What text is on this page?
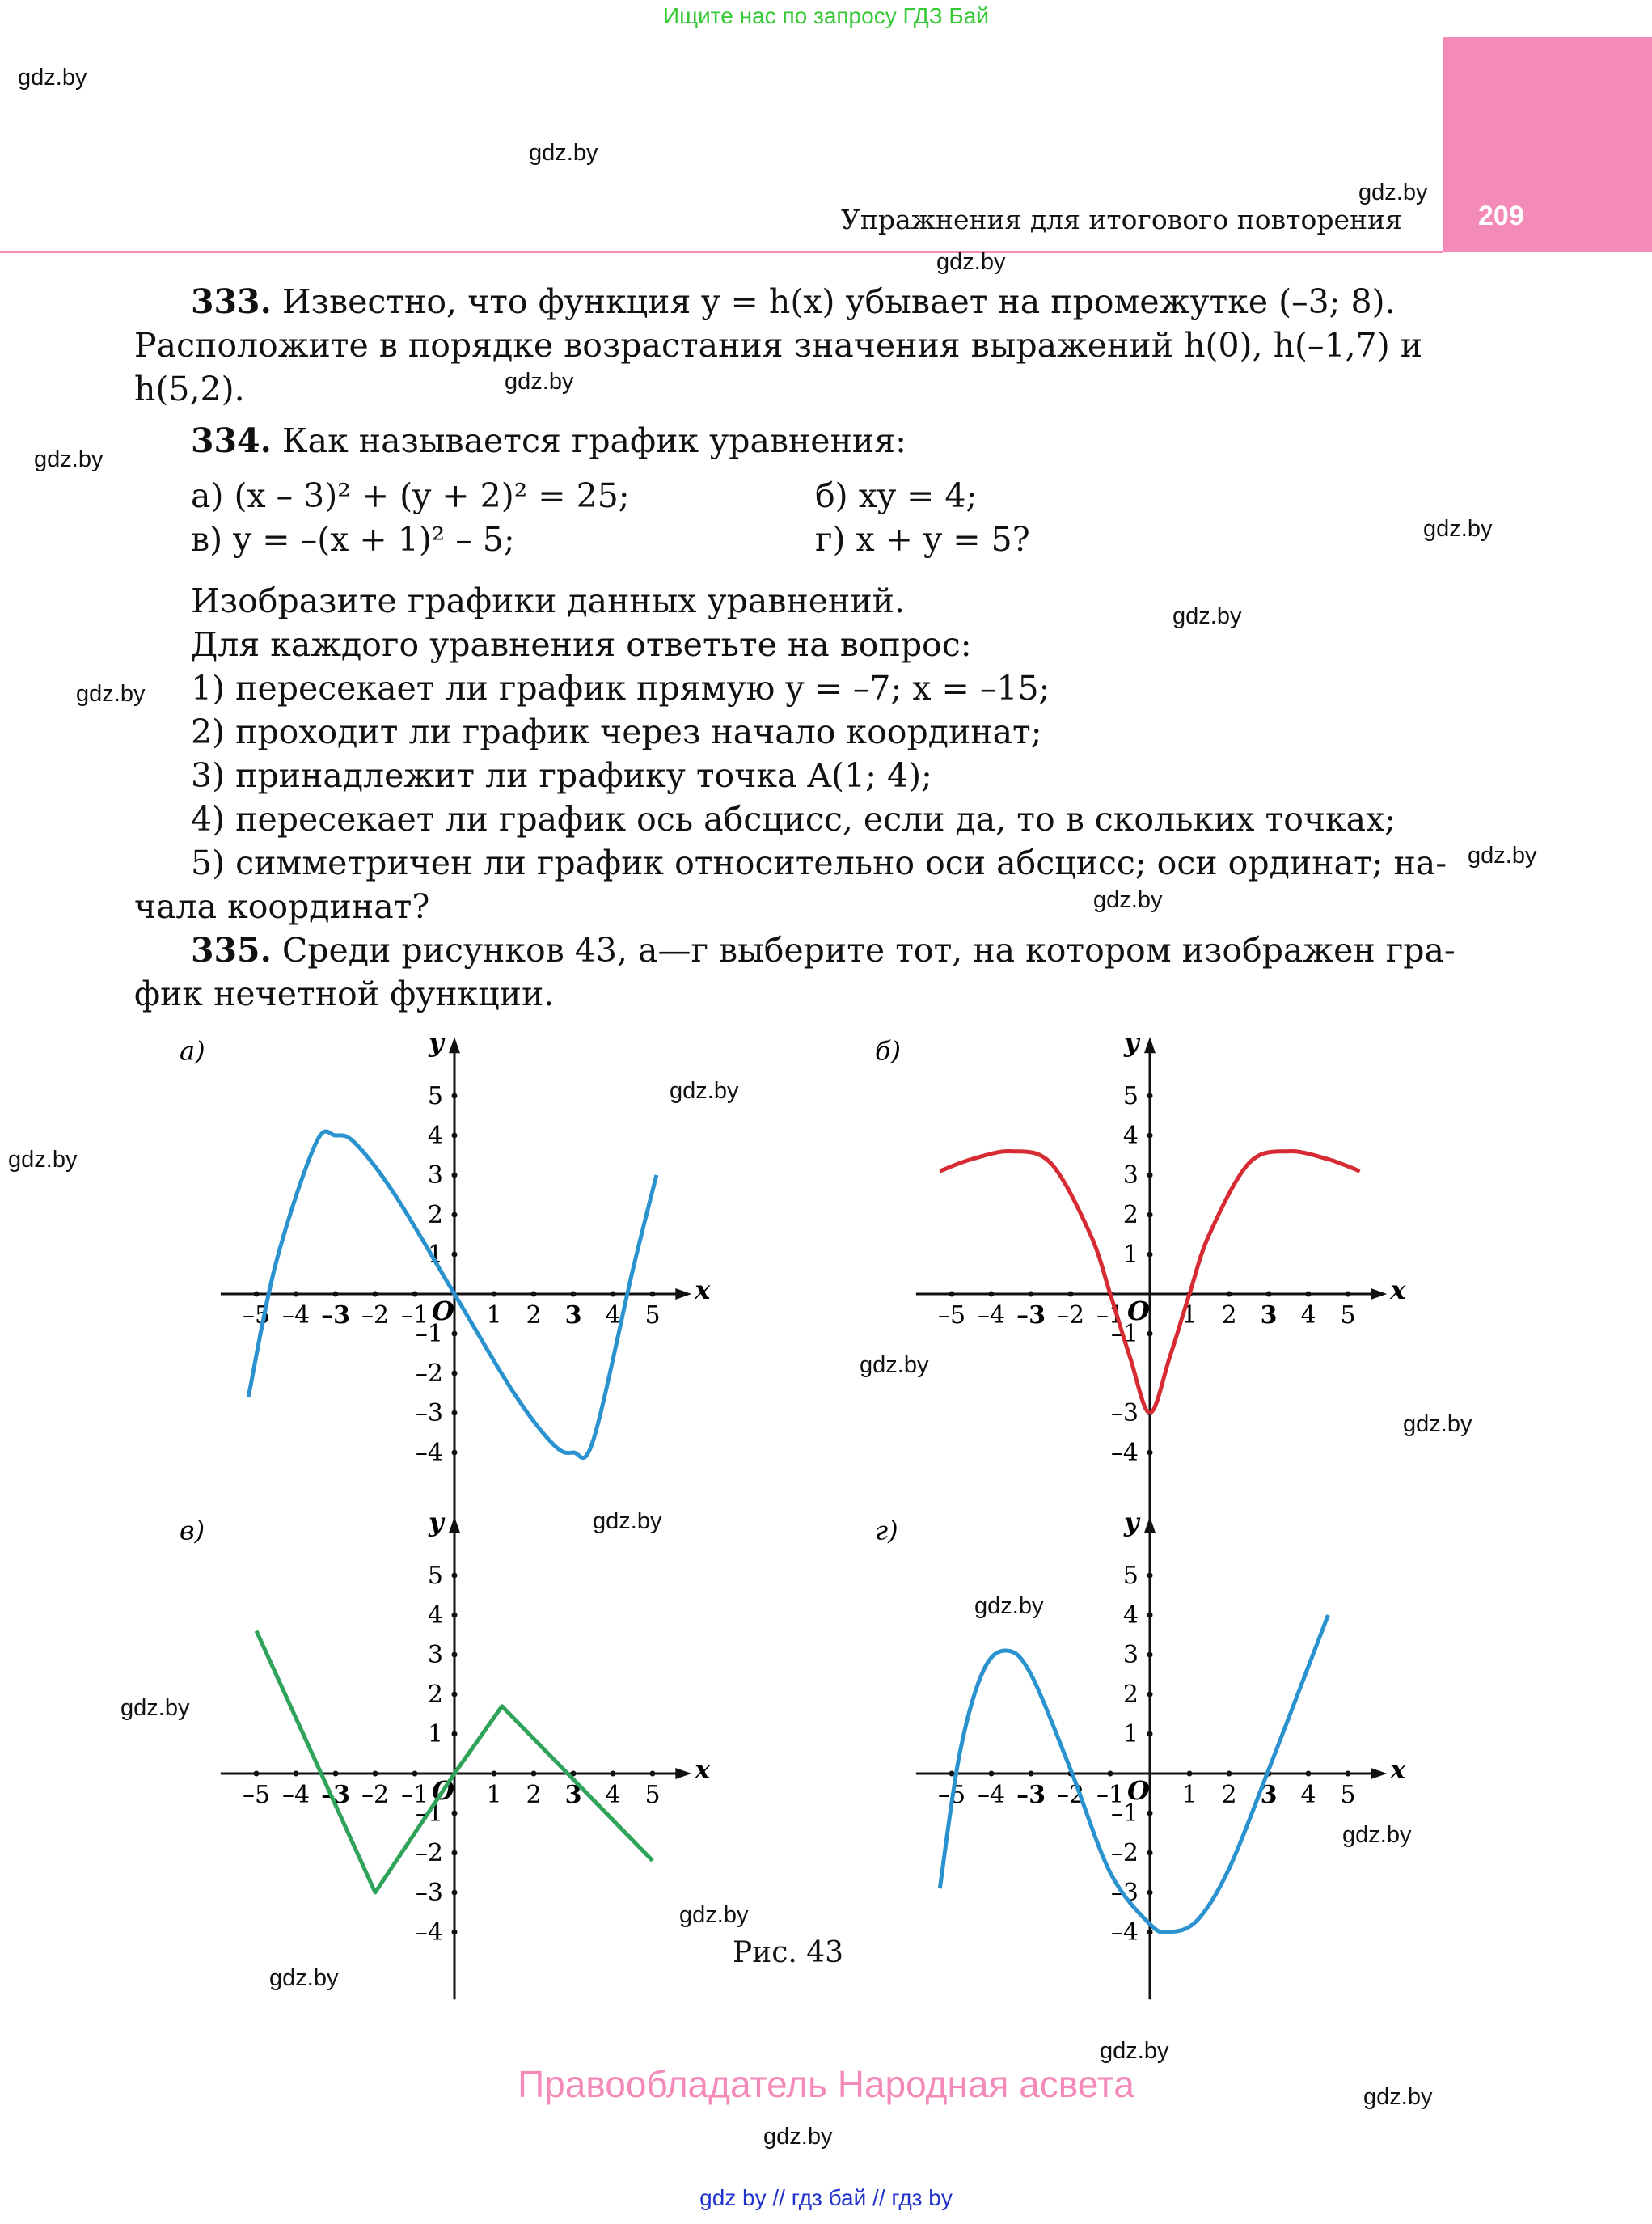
Ищите нас по запросу ГДЗ Бай
209
Упражнения для итогового повторения
gdz.by
gdz.by
gdz.by
gdz.by
gdz.by
gdz.by
gdz.by
gdz.by
gdz.by
gdz.by
gdz.by
gdz.by
gdz.by
gdz.by
gdz.by
gdz.by
gdz.by
gdz.by
gdz.by
gdz.by
gdz.by
gdz.by
gdz.by
gdz.by
333. Известно, что функция y = h(x) убывает на промежутке (–3; 8).
Расположите в порядке возрастания значения выражений h(0), h(–1,7) и
h(5,2).
334. Как называется график уравнения:
а) (x – 3)² + (y + 2)² = 25;	б) xy = 4;
в) y = –(x + 1)² – 5;	г) x + y = 5?
Изобразите графики данных уравнений.
Для каждого уравнения ответьте на вопрос:
1) пересекает ли график прямую y = –7; x = –15;
2) проходит ли график через начало координат;
3) принадлежит ли графику точка A(1; 4);
4) пересекает ли график ось абсцисс, если да, то в скольких точках;
5) симметричен ли график относительно оси абсцисс; оси ординат; на-
чала координат?
335. Среди рисунков 43, а—г выберите тот, на котором изображен гра-
фик нечетной функции.
x
y
O
–5 –4 –3 –2 –1 1 2 3 4 5
5
4
3
2
1
–1
–2
–3
–4
а)
x
y
O
–5 –4 –3 –2 –1 1 2 3 4 5
5
4
3
2
1
–1
–3
–4
б)
x
y
O
–5 –4 –3 –2 –1 1 2 3 4 5
5
4
3
2
1
–1
–2
–3
–4
в)
x
y
O
–5 –4 –3 –2 –1 1 2 3 4 5
5
4
3
2
1
–1
–2
–3
–4
г)
Рис. 43
Правообладатель Народная асвета
gdz by // гдз бай // гдз by
